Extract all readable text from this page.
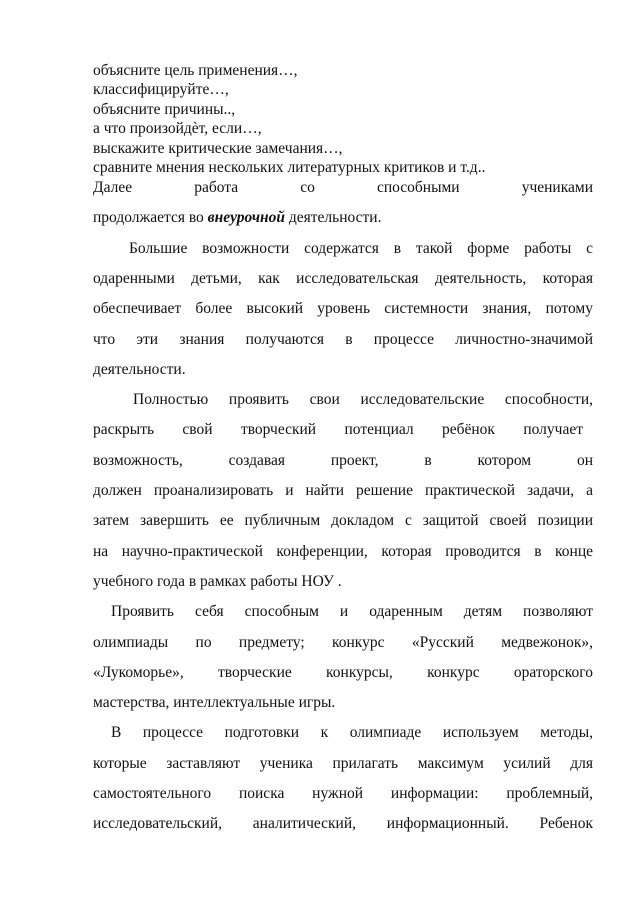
объясните цель применения…,
классифицируйте…,
объясните причины..,
а что произойдѐт, если…,
выскажите критические замечания…,
сравните мнения нескольких литературных критиков и т.д..
Далее работа со способными учениками
продолжается во внеурочной деятельности.
Большие возможности содержатся в такой форме работы с
одаренными детьми, как исследовательская деятельность, которая
обеспечивает более высокий уровень системности знания, потому
что эти знания получаются в процессе личностно-значимой
деятельности.
Полностью проявить свои исследовательские способности,
раскрыть свой творческий потенциал ребёнок получает
возможность, создавая проект, в котором он
должен проанализировать и найти решение практической задачи, а
затем завершить ее публичным докладом с защитой своей позиции
на научно-практической конференции, которая проводится в конце
учебного года в рамках работы НОУ .
Проявить себя способным и одаренным детям позволяют
олимпиады по предмету; конкурс «Русский медвежонок»,
«Лукоморье», творческие конкурсы, конкурс ораторского
мастерства, интеллектуальные игры.
В процессе подготовки к олимпиаде используем методы,
которые заставляют ученика прилагать максимум усилий для
самостоятельного поиска нужной информации: проблемный,
исследовательский, аналитический, информационный. Ребенок
